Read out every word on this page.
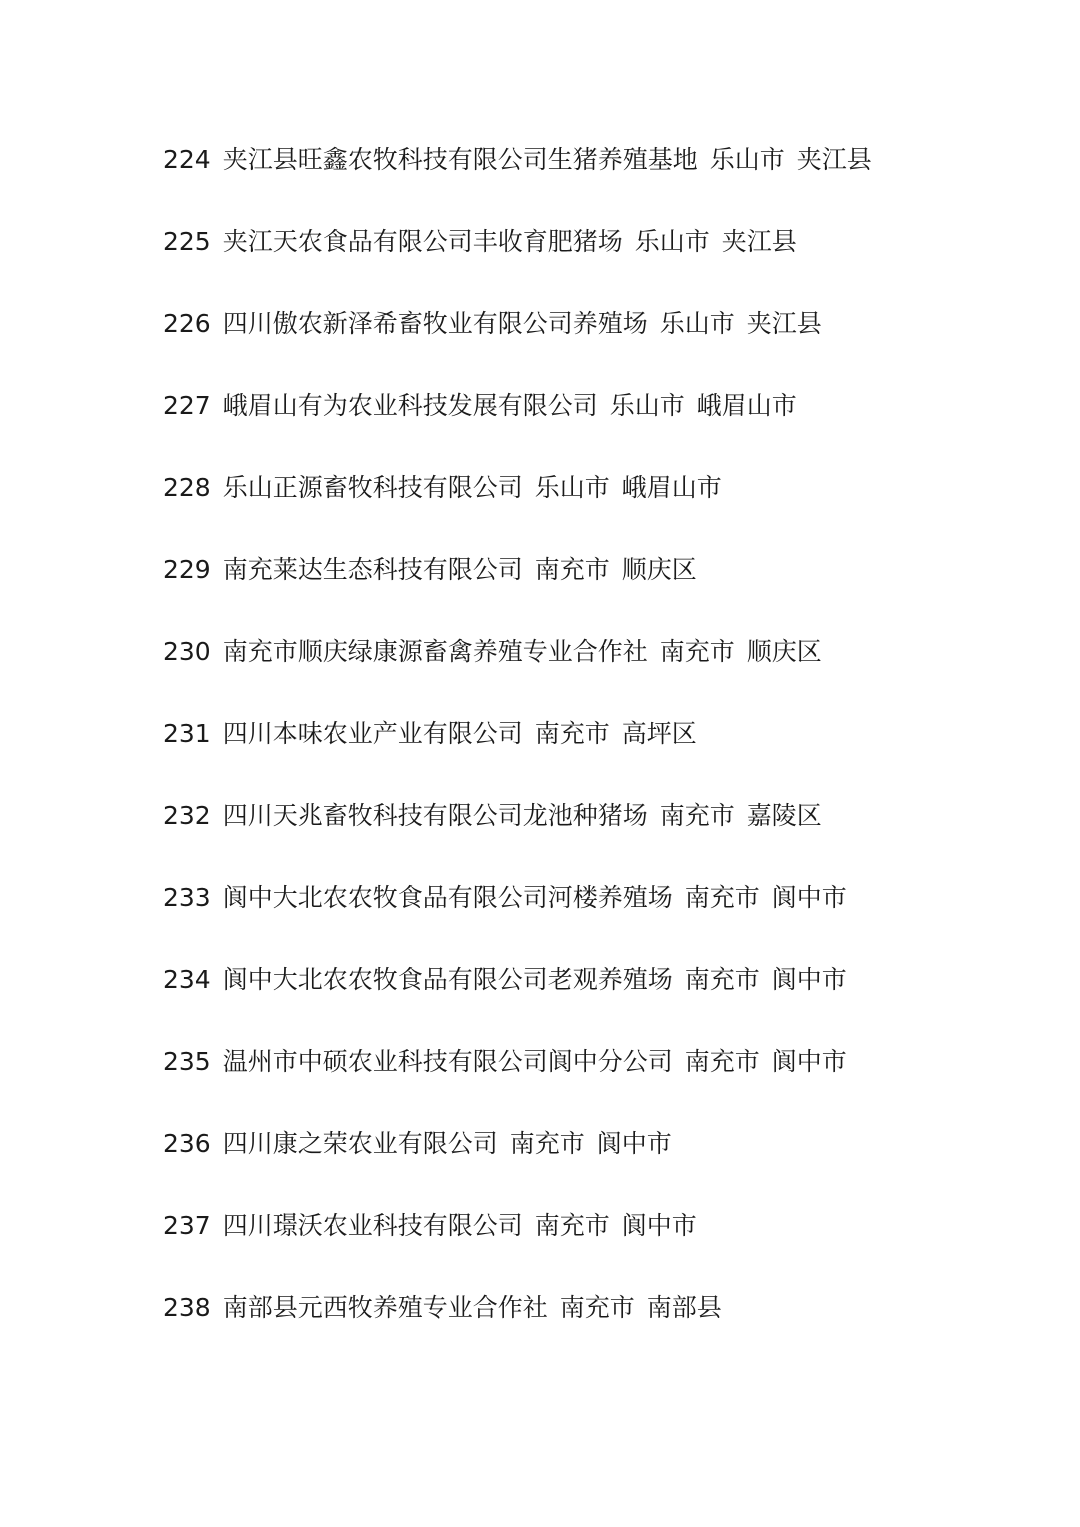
224 夹江县旺鑫农牧科技有限公司生猪养殖基地 乐山市 夹江县
225 夹江天农食品有限公司丰收育肥猪场 乐山市 夹江县
226 四川傲农新泽希畜牧业有限公司养殖场 乐山市 夹江县
227 峨眉山有为农业科技发展有限公司 乐山市 峨眉山市
228 乐山正源畜牧科技有限公司 乐山市 峨眉山市
229 南充莱达生态科技有限公司 南充市 顺庆区
230 南充市顺庆绿康源畜禽养殖专业合作社 南充市 顺庆区
231 四川本味农业产业有限公司 南充市 高坪区
232 四川天兆畜牧科技有限公司龙池种猪场 南充市 嘉陵区
233 阆中大北农农牧食品有限公司河楼养殖场 南充市 阆中市
234 阆中大北农农牧食品有限公司老观养殖场 南充市 阆中市
235 温州市中硕农业科技有限公司阆中分公司 南充市 阆中市
236 四川康之荣农业有限公司 南充市 阆中市
237 四川璟沃农业科技有限公司 南充市 阆中市
238 南部县元西牧养殖专业合作社 南充市 南部县
